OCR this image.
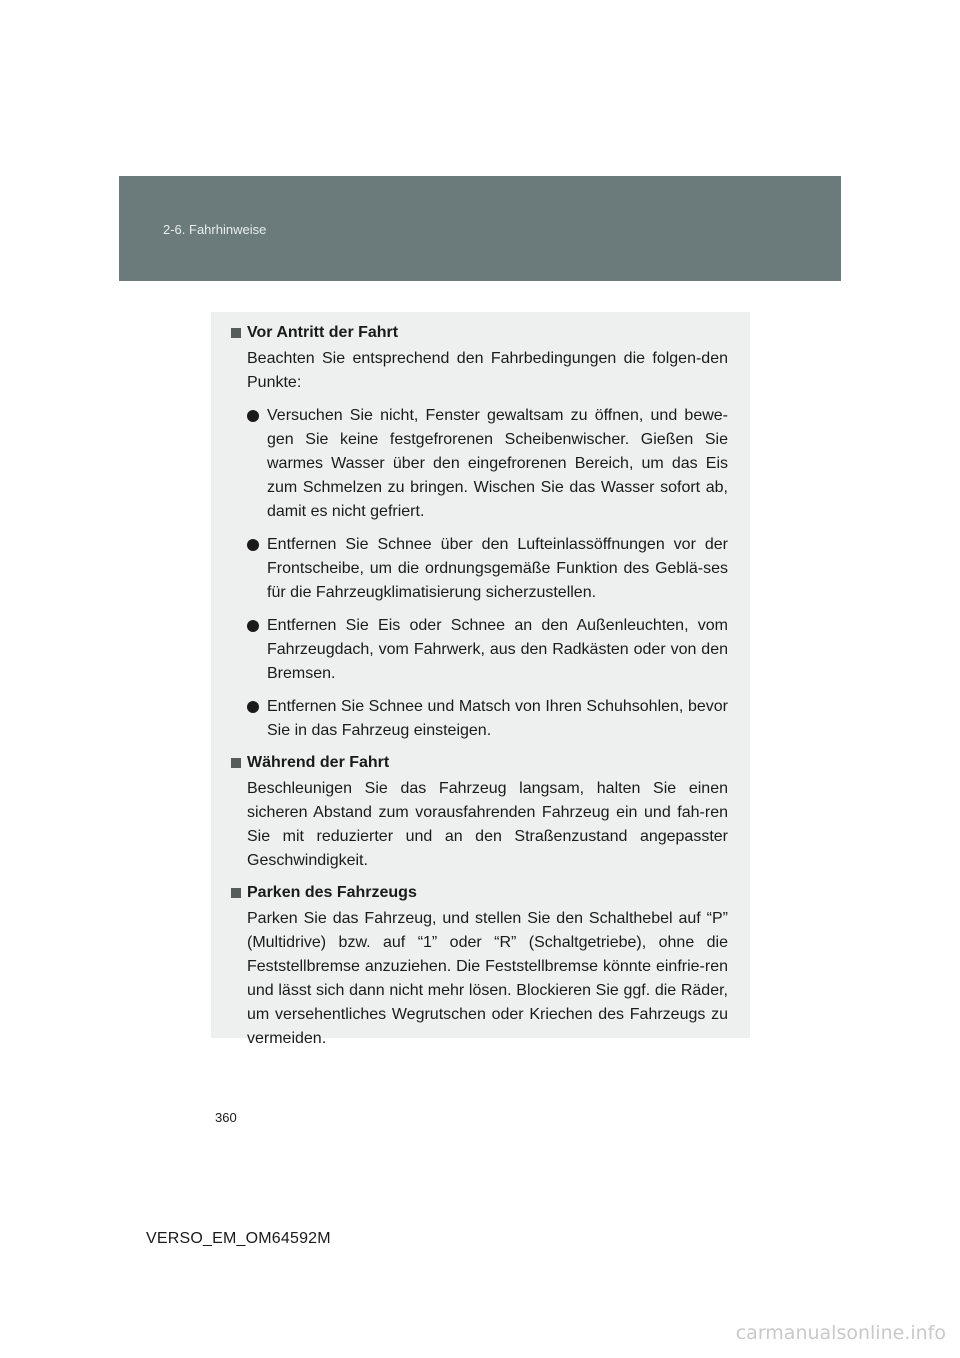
2-6. Fahrhinweise
Vor Antritt der Fahrt
Beachten Sie entsprechend den Fahrbedingungen die folgen-den Punkte:
Versuchen Sie nicht, Fenster gewaltsam zu öffnen, und bewe-gen Sie keine festgefrorenen Scheibenwischer. Gießen Sie warmes Wasser über den eingefrorenen Bereich, um das Eis zum Schmelzen zu bringen. Wischen Sie das Wasser sofort ab, damit es nicht gefriert.
Entfernen Sie Schnee über den Lufteinlassöffnungen vor der Frontscheibe, um die ordnungsgemäße Funktion des Geblä-ses für die Fahrzeugklimatisierung sicherzustellen.
Entfernen Sie Eis oder Schnee an den Außenleuchten, vom Fahrzeugdach, vom Fahrwerk, aus den Radkästen oder von den Bremsen.
Entfernen Sie Schnee und Matsch von Ihren Schuhsohlen, bevor Sie in das Fahrzeug einsteigen.
Während der Fahrt
Beschleunigen Sie das Fahrzeug langsam, halten Sie einen sicheren Abstand zum vorausfahrenden Fahrzeug ein und fah-ren Sie mit reduzierter und an den Straßenzustand angepasster Geschwindigkeit.
Parken des Fahrzeugs
Parken Sie das Fahrzeug, und stellen Sie den Schalthebel auf “P” (Multidrive) bzw. auf “1” oder “R” (Schaltgetriebe), ohne die Feststellbremse anzuziehen. Die Feststellbremse könnte einfrie-ren und lässt sich dann nicht mehr lösen. Blockieren Sie ggf. die Räder, um versehentliches Wegrutschen oder Kriechen des Fahrzeugs zu vermeiden.
360
VERSO_EM_OM64592M
carmanualsonline.info
